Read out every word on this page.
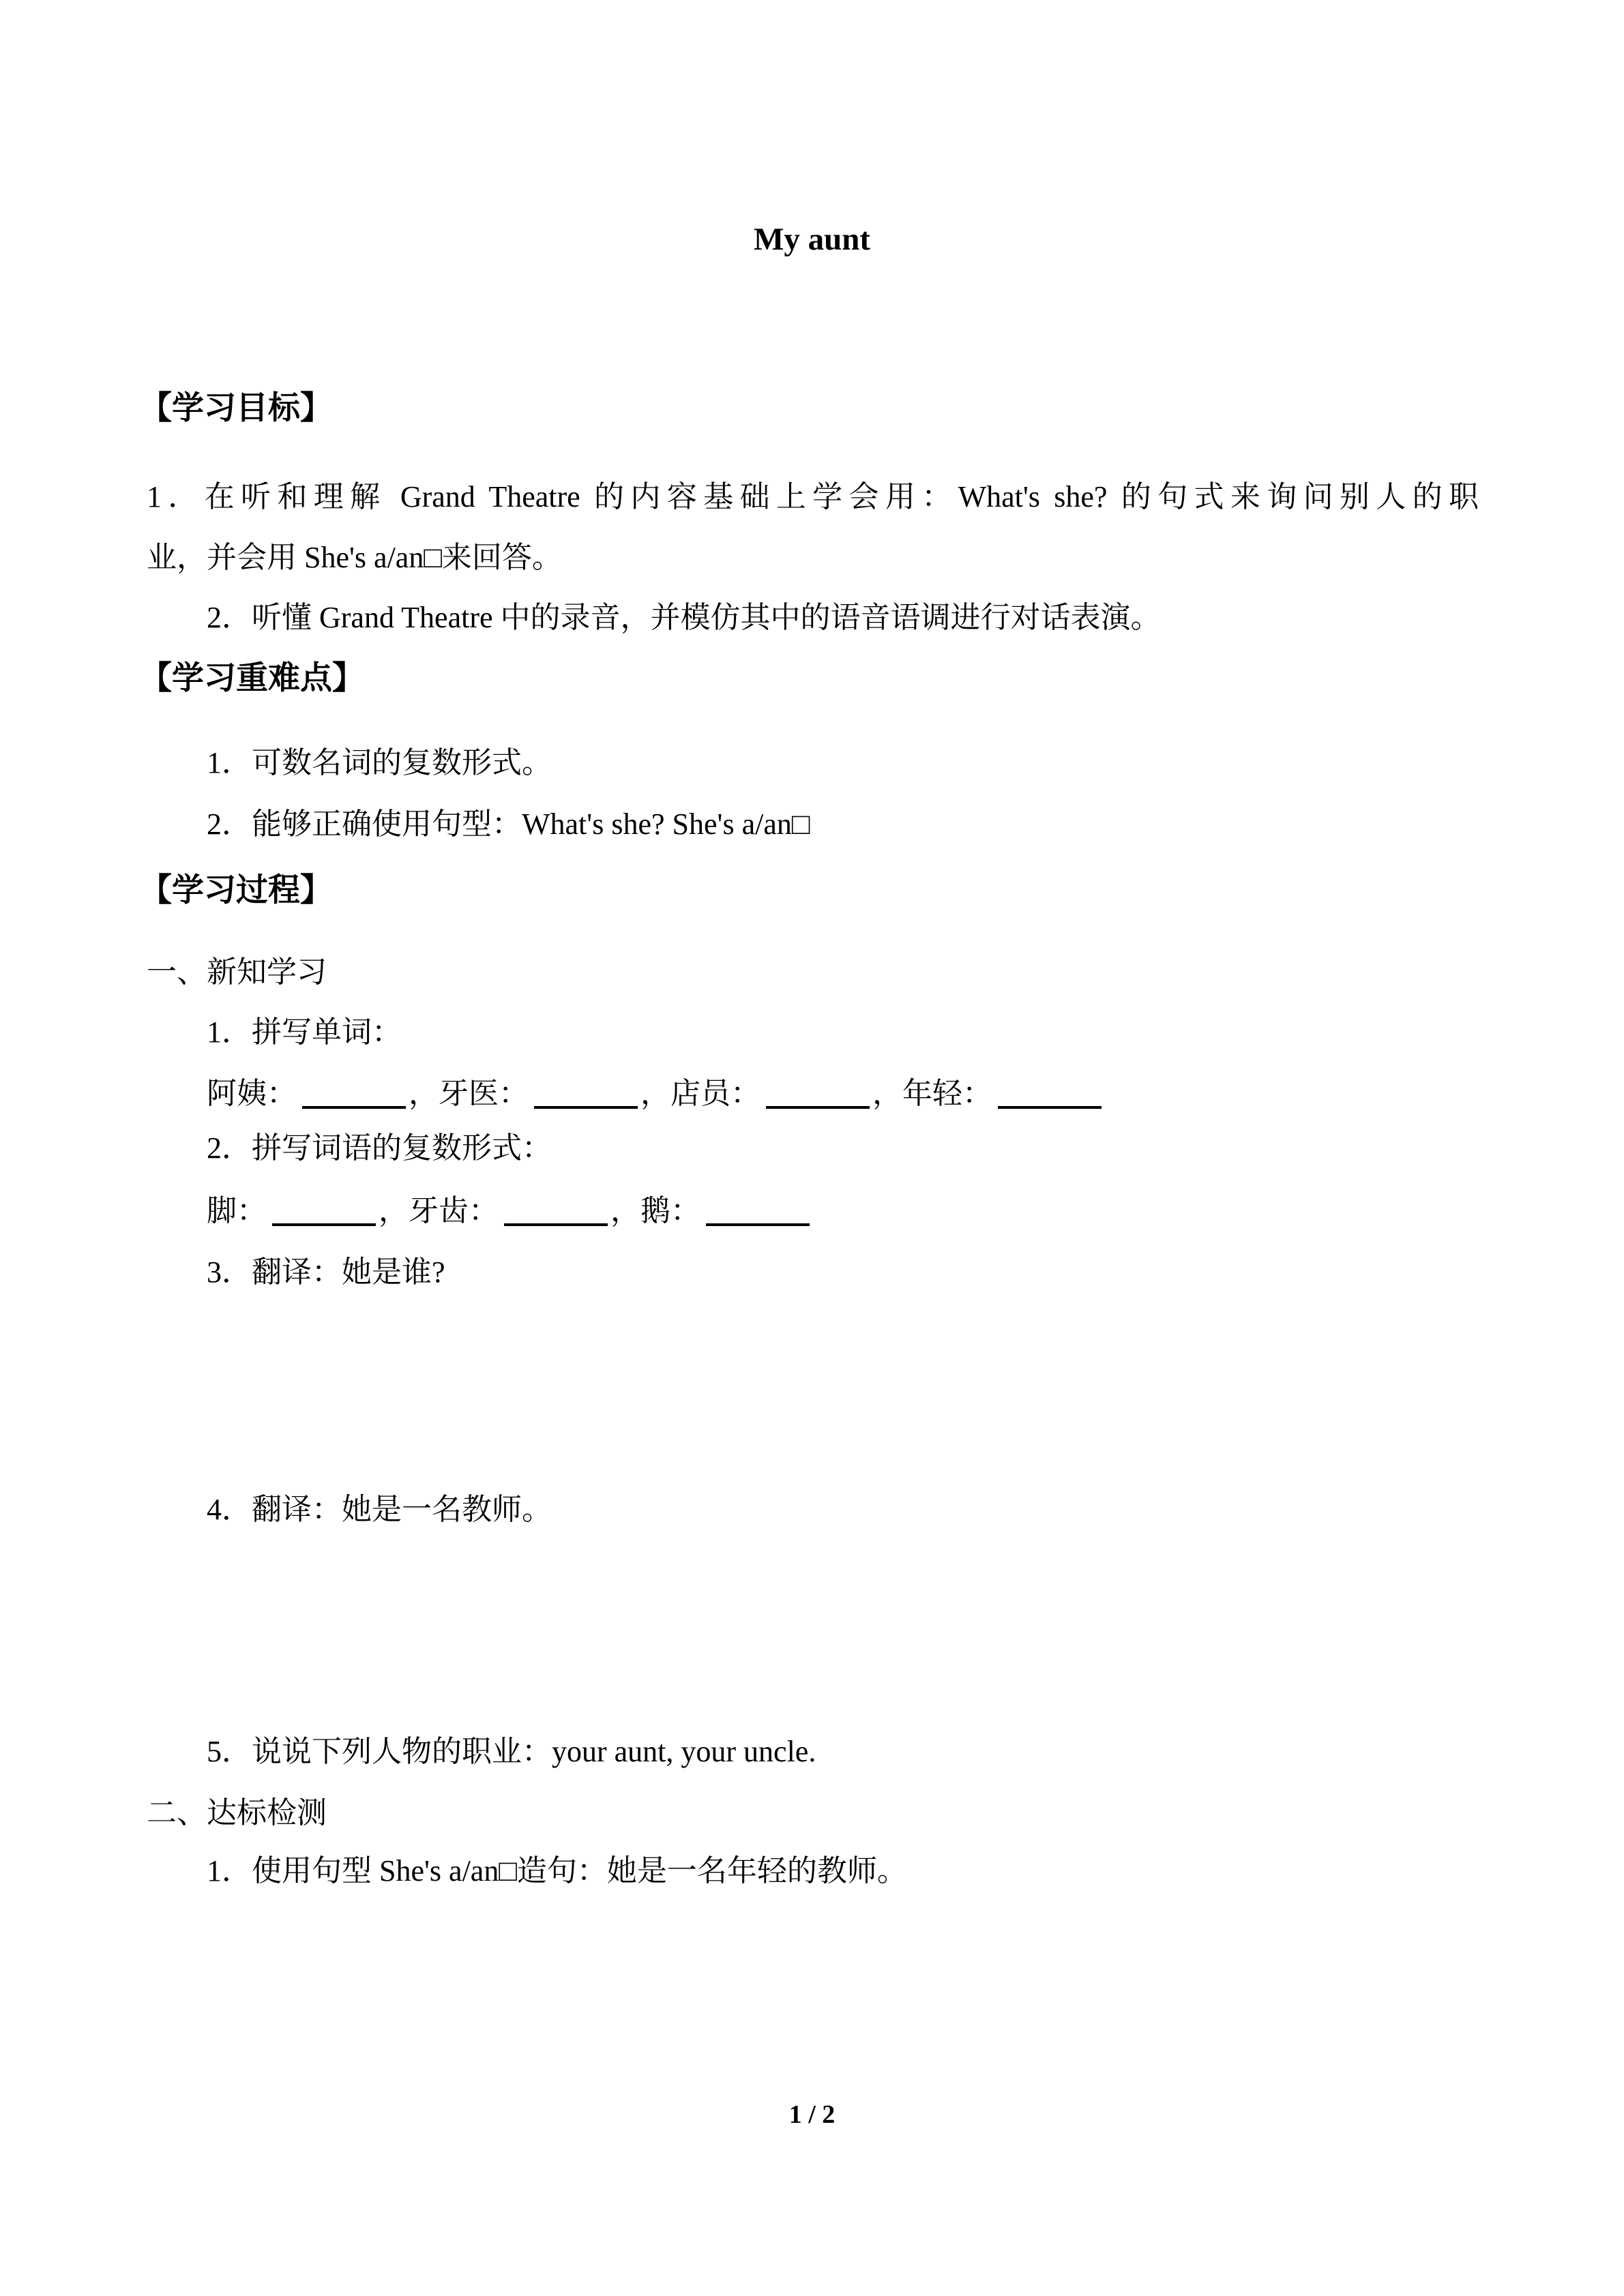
My aunt
【学习目标】
1．在听和理解 Grand Theatre 的内容基础上学会用：What's she? 的句式来询问别人的职
业，并会用 She's a/an□来回答。
2．听懂 Grand Theatre 中的录音，并模仿其中的语音语调进行对话表演。
【学习重难点】
1．可数名词的复数形式。
2．能够正确使用句型：What's she? She's a/an□
【学习过程】
一、新知学习
1．拼写单词：
阿姨：	，牙医：	，店员：	，年轻：
2．拼写词语的复数形式：
脚：	，牙齿：	，鹅：
3．翻译：她是谁?
4．翻译：她是一名教师。
5．说说下列人物的职业：your aunt, your uncle.
二、达标检测
1．使用句型 She's a/an□造句：她是一名年轻的教师。
1 / 2
